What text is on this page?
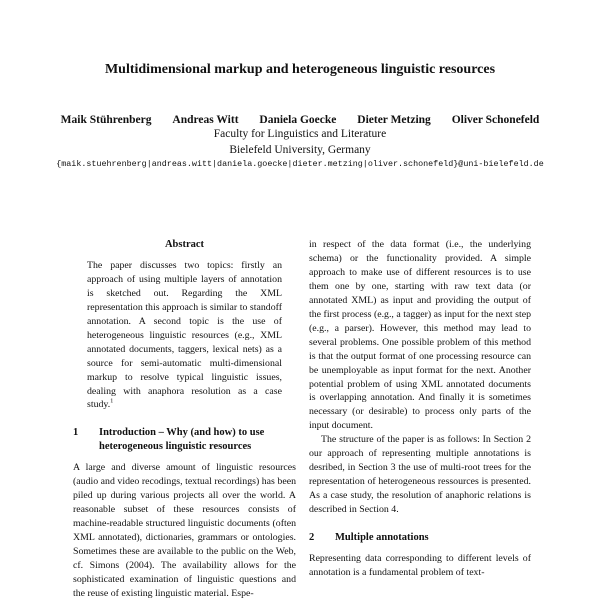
Multidimensional markup and heterogeneous linguistic resources
Maik Stührenberg Andreas Witt Daniela Goecke Dieter Metzing Oliver Schonefeld
Faculty for Linguistics and Literature
Bielefeld University, Germany
{maik.stuehrenberg|andreas.witt|daniela.goecke|dieter.metzing|oliver.schonefeld}@uni-bielefeld.de
Abstract

The paper discusses two topics: firstly an approach of using multiple layers of annotation is sketched out. Regarding the XML representation this approach is similar to standoff annotation. A second topic is the use of heterogeneous linguistic resources (e.g., XML annotated documents, taggers, lexical nets) as a source for semi-automatic multi-dimensional markup to resolve typical linguistic issues, dealing with anaphora resolution as a case study.$^1$

1	Introduction – Why (and how) to use heterogeneous linguistic resources

A large and diverse amount of linguistic resources (audio and video recodings, textual recordings) has been piled up during various projects all over the world. A reasonable subset of these resources consists of machine-readable structured linguistic documents (often XML annotated), dictionaries, grammars or ontologies. Sometimes these are available to the public on the Web, cf. Simons (2004). The availability allows for the sophisticated examination of linguistic questions and the reuse of existing linguistic material. Espe-

in respect of the data format (i.e., the underlying schema) or the functionality provided. A simple approach to make use of different resources is to use them one by one, starting with raw text data (or annotated XML) as input and providing the output of the first process (e.g., a tagger) as input for the next step (e.g., a parser). However, this method may lead to several problems. One possible problem of this method is that the output format of one processing resource can be unemployable as input format for the next. Another potential problem of using XML annotated documents is overlapping annotation. And finally it is sometimes necessary (or desirable) to process only parts of the input document.

The structure of the paper is as follows: In Section 2 our approach of representing multiple annotations is desribed, in Section 3 the use of multi-root trees for the representation of heterogeneous ressources is presented. As a case study, the resolution of anaphoric relations is described in Section 4.

2	Multiple annotations

Representing data corresponding to different levels of annotation is a fundamental problem of text-
